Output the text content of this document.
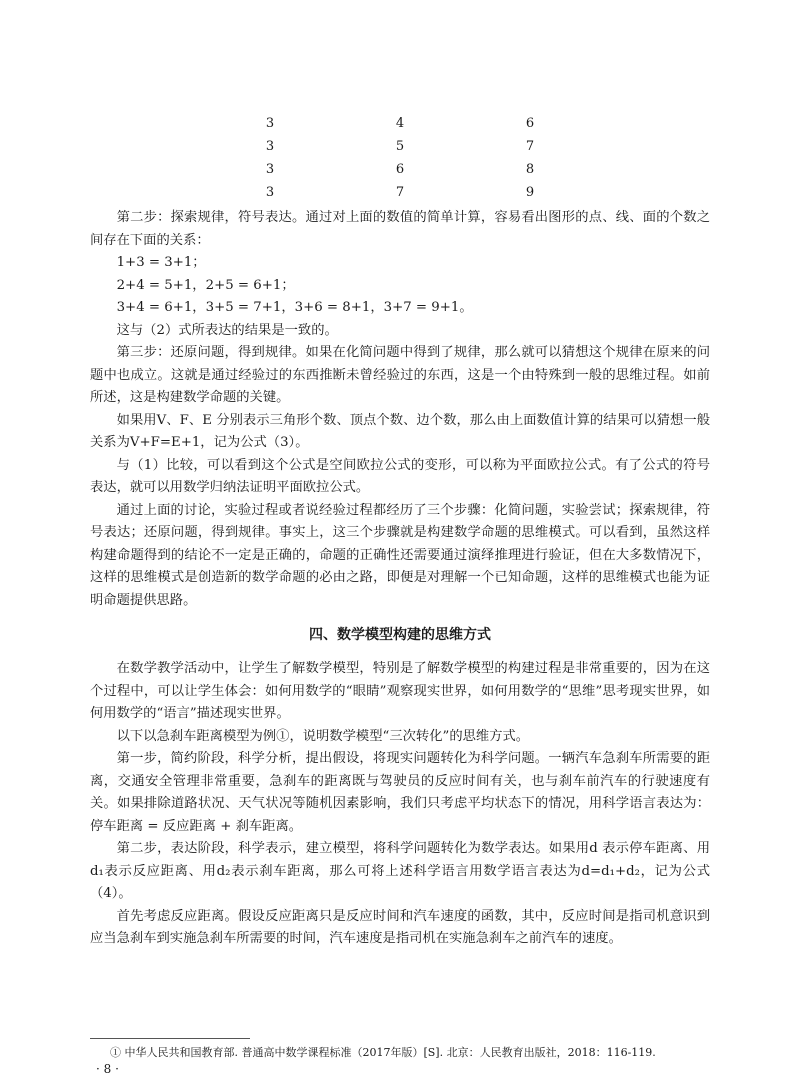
3	4	6
3	5	7
3	6	8
3	7	9

第二步：探索规律，符号表达。通过对上面的数值的简单计算，容易看出图形的点、线、面的个数之间存在下面的关系：

1+3 = 3+1；

2+4 = 5+1，2+5 = 6+1；

3+4 = 6+1，3+5 = 7+1，3+6 = 8+1，3+7 = 9+1。

这与（2）式所表达的结果是一致的。

第三步：还原问题，得到规律。如果在化简问题中得到了规律，那么就可以猜想这个规律在原来的问题中也成立。这就是通过经验过的东西推断未曾经验过的东西，这是一个由特殊到一般的思维过程。如前所述，这是构建数学命题的关键。

如果用V、F、E 分别表示三角形个数、顶点个数、边个数，那么由上面数值计算的结果可以猜想一般关系为V+F=E+1，记为公式（3）。

与（1）比较，可以看到这个公式是空间欧拉公式的变形，可以称为平面欧拉公式。有了公式的符号表达，就可以用数学归纳法证明平面欧拉公式。

通过上面的讨论，实验过程或者说经验过程都经历了三个步骤：化简问题，实验尝试；探索规律，符号表达；还原问题，得到规律。事实上，这三个步骤就是构建数学命题的思维模式。可以看到，虽然这样构建命题得到的结论不一定是正确的，命题的正确性还需要通过演绎推理进行验证，但在大多数情况下，这样的思维模式是创造新的数学命题的必由之路，即便是对理解一个已知命题，这样的思维模式也能为证明命题提供思路。

四、数学模型构建的思维方式

在数学教学活动中，让学生了解数学模型，特别是了解数学模型的构建过程是非常重要的，因为在这个过程中，可以让学生体会：如何用数学的“眼睛”观察现实世界，如何用数学的“思维”思考现实世界，如何用数学的“语言”描述现实世界。

以下以急刹车距离模型为例①，说明数学模型“三次转化”的思维方式。

第一步，简约阶段，科学分析，提出假设，将现实问题转化为科学问题。一辆汽车急刹车所需要的距离，交通安全管理非常重要，急刹车的距离既与驾驶员的反应时间有关，也与刹车前汽车的行驶速度有关。如果排除道路状况、天气状况等随机因素影响，我们只考虑平均状态下的情况，用科学语言表达为：停车距离 = 反应距离 + 刹车距离。

第二步，表达阶段，科学表示，建立模型，将科学问题转化为数学表达。如果用d 表示停车距离、用d₁表示反应距离、用d₂表示刹车距离，那么可将上述科学语言用数学语言表达为d=d₁+d₂，记为公式（4）。

首先考虑反应距离。假设反应距离只是反应时间和汽车速度的函数，其中，反应时间是指司机意识到应当急刹车到实施急刹车所需要的时间，汽车速度是指司机在实施急刹车之前汽车的速度。

① 中华人民共和国教育部. 普通高中数学课程标准（2017年版）[S]. 北京：人民教育出版社，2018：116-119.
· 8 ·
